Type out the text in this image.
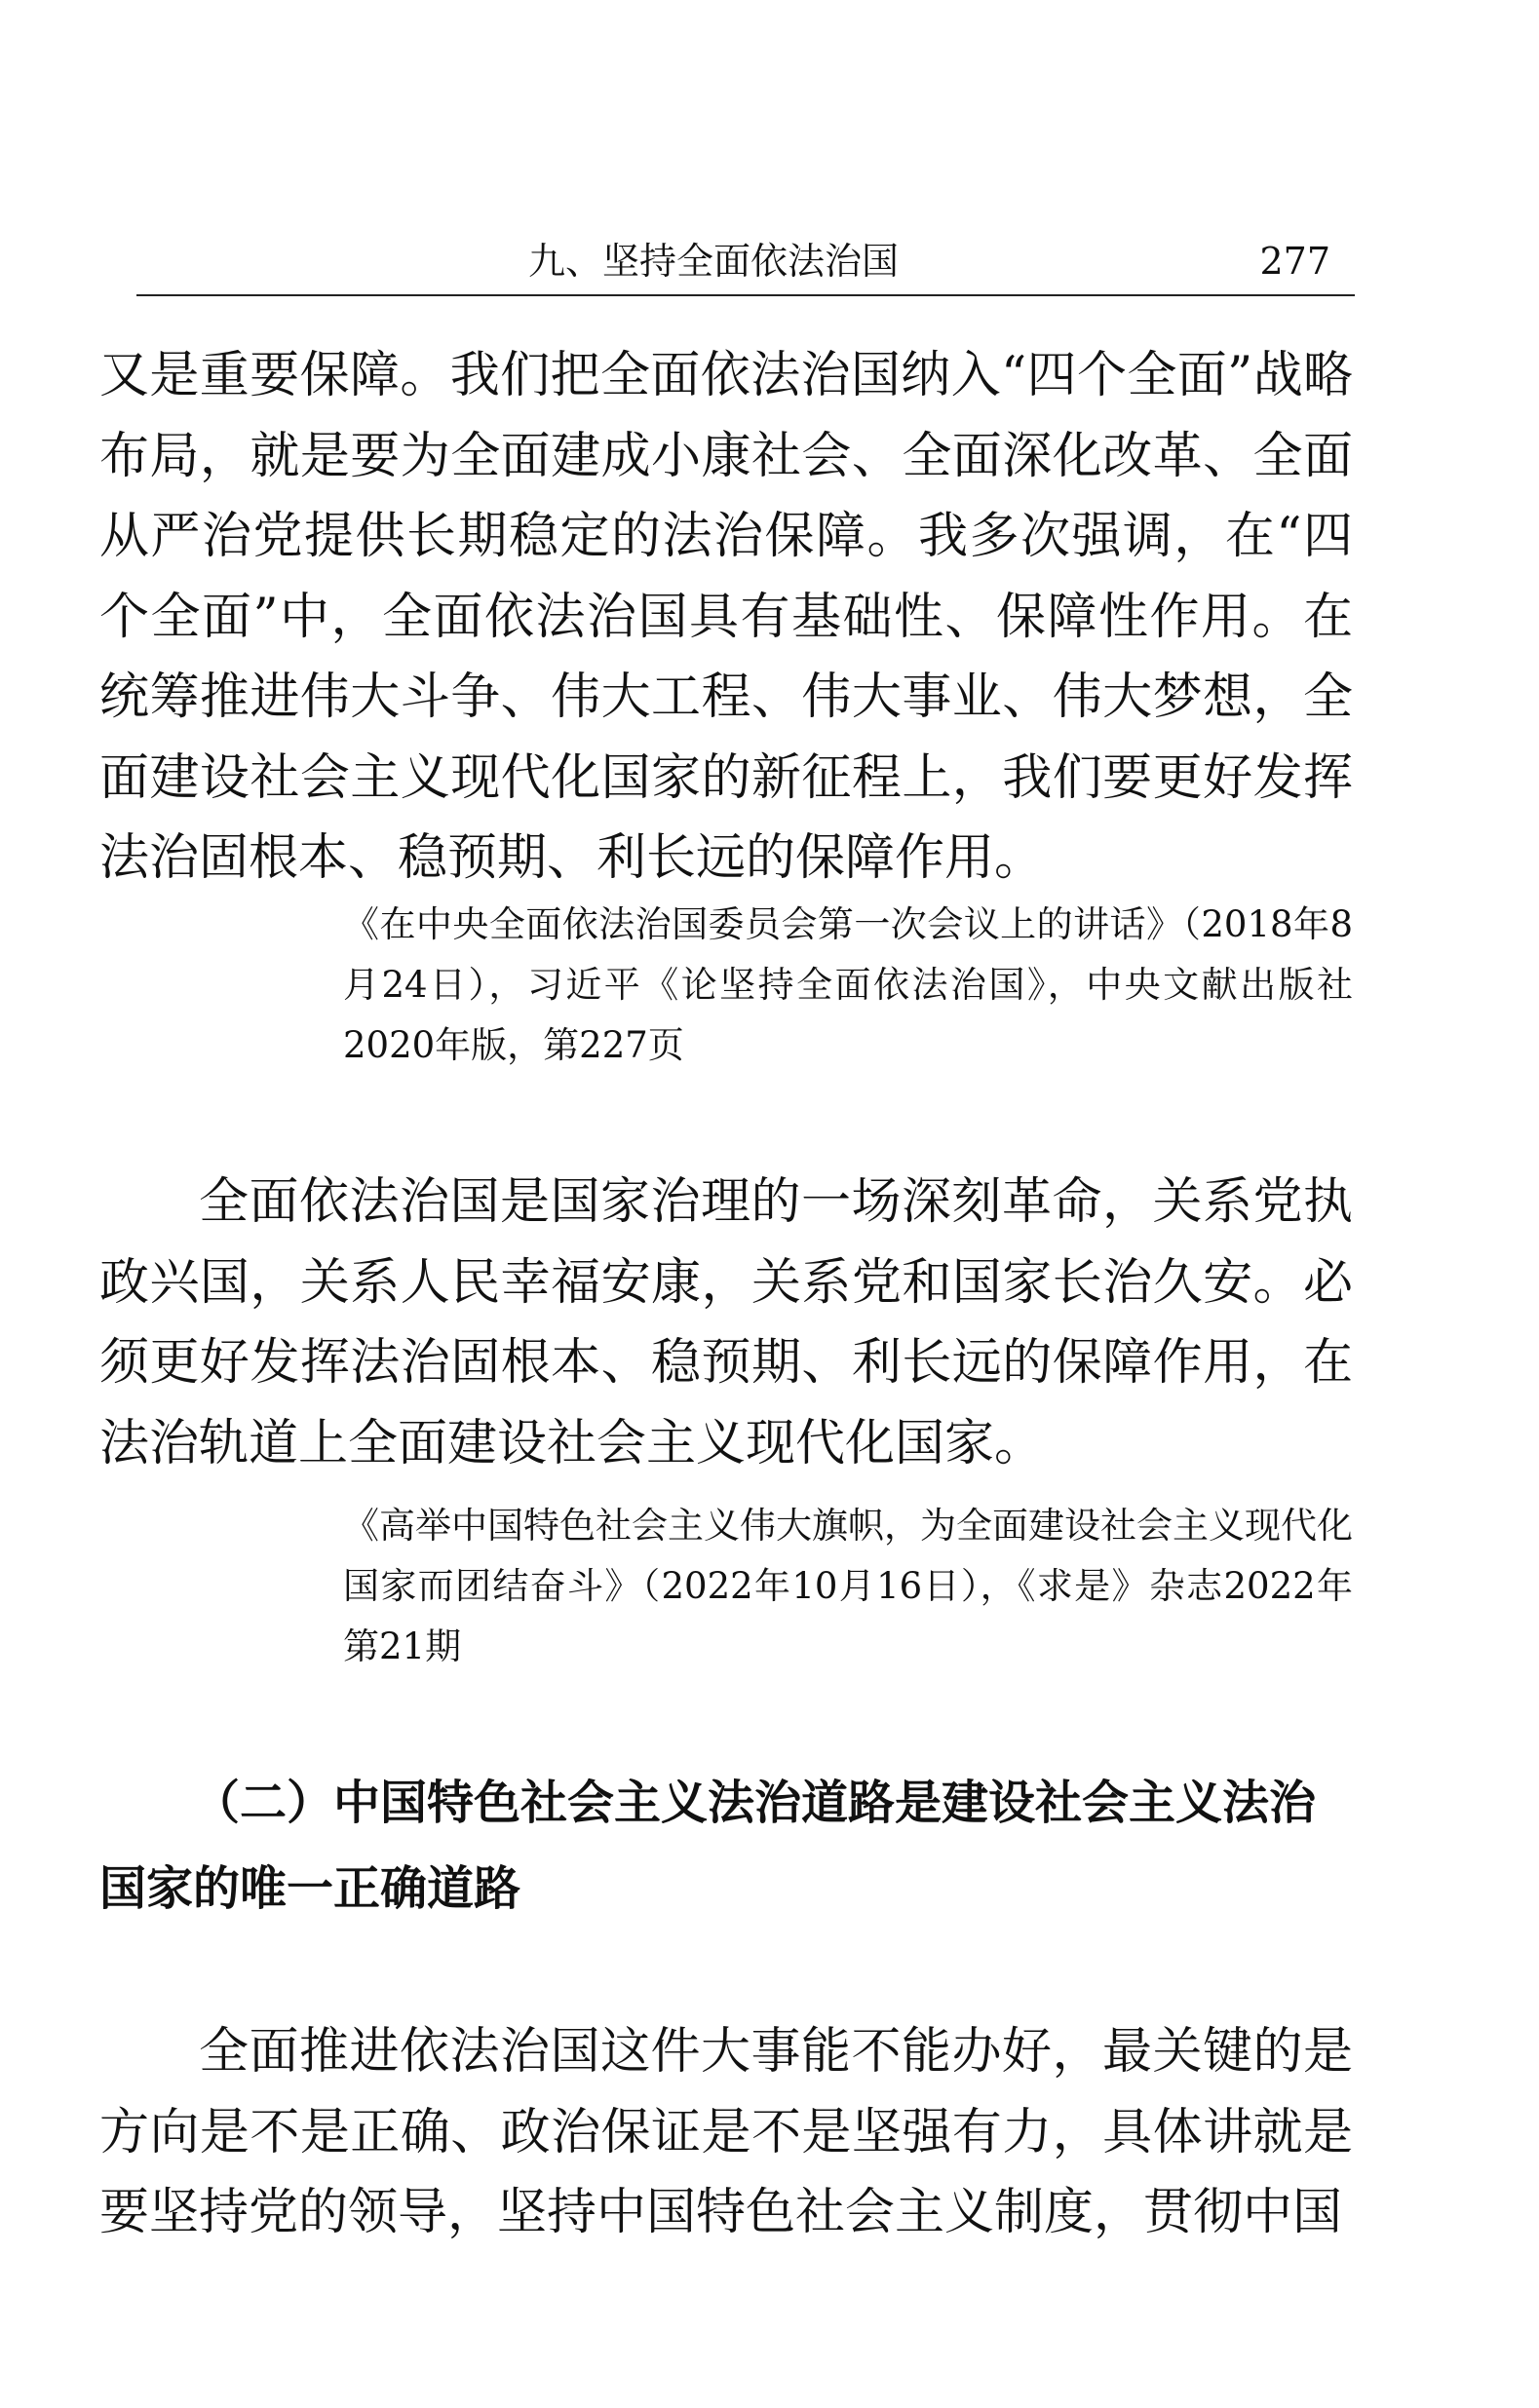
九、坚持全面依法治国	277

又是重要保障。我们把全面依法治国纳入“四个全面”战略布局，就是要为全面建成小康社会、全面深化改革、全面从严治党提供长期稳定的法治保障。我多次强调，在“四个全面”中，全面依法治国具有基础性、保障性作用。在统筹推进伟大斗争、伟大工程、伟大事业、伟大梦想，全面建设社会主义现代化国家的新征程上，我们要更好发挥法治固根本、稳预期、利长远的保障作用。

《在中央全面依法治国委员会第一次会议上的讲话》（2018年8月24日），习近平《论坚持全面依法治国》，中央文献出版社2020年版，第227页

全面依法治国是国家治理的一场深刻革命，关系党执政兴国，关系人民幸福安康，关系党和国家长治久安。必须更好发挥法治固根本、稳预期、利长远的保障作用，在法治轨道上全面建设社会主义现代化国家。

《高举中国特色社会主义伟大旗帜，为全面建设社会主义现代化国家而团结奋斗》（2022年10月16日），《求是》杂志2022年第21期

（二）中国特色社会主义法治道路是建设社会主义法治国家的唯一正确道路

全面推进依法治国这件大事能不能办好，最关键的是方向是不是正确、政治保证是不是坚强有力，具体讲就是要坚持党的领导，坚持中国特色社会主义制度，贯彻中国
